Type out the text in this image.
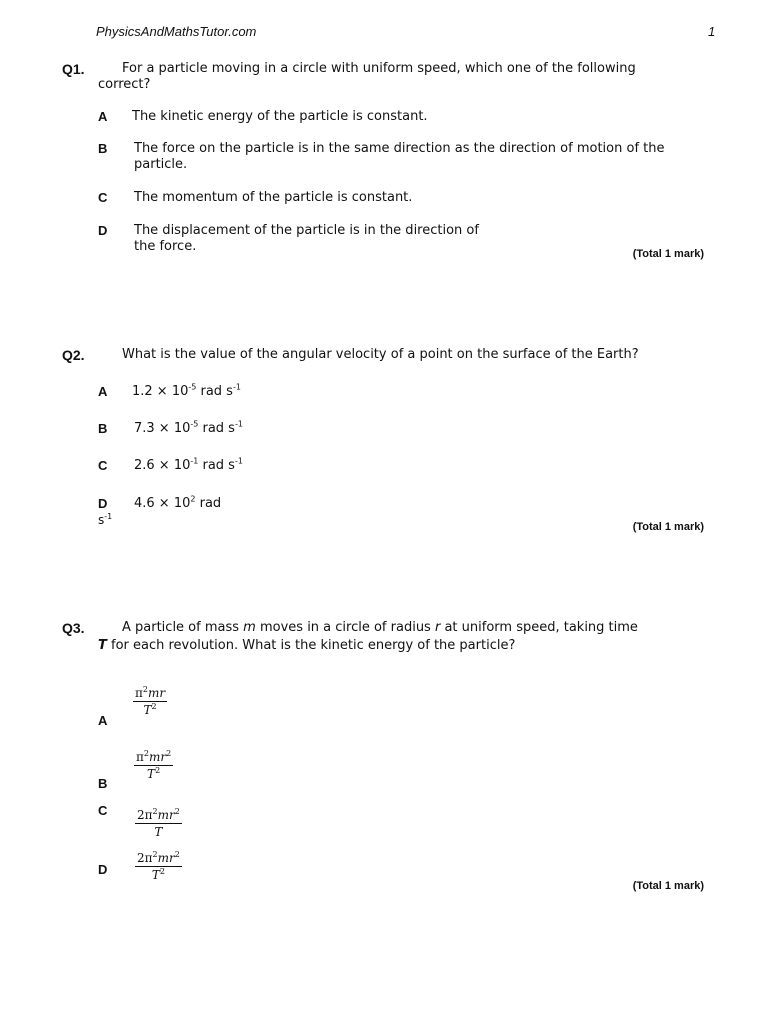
PhysicsAndMathsTutor.com	1
Q1.	For a particle moving in a circle with uniform speed, which one of the following
correct?
A The kinetic energy of the particle is constant.
B The force on the particle is in the same direction as the direction of motion of the
particle.
C The momentum of the particle is constant.
D The displacement of the particle is in the direction of
the force.	(Total 1 mark)
Q2.	What is the value of the angular velocity of a point on the surface of the Earth?
A $1.2 \times 10^{-5}$ rad $s^{-1}$
B $7.3 \times 10^{-5}$ rad $s^{-1}$
C $2.6 \times 10^{-1}$ rad $s^{-1}$
D $4.6 \times 10^2$ rad
$s^{-1}$
(Total 1 mark)
Q3.	A particle of mass m moves in a circle of radius r at uniform speed, taking time
T for each revolution. What is the kinetic energy of the particle?
A
$\frac{\pi^2mr}{T^2}$
B
$\frac{\pi^2mr^2}{T^2}$
C $\frac{2\pi^2mr^2}{T}$
D $\frac{2\pi^2mr^2}{T^2}$
(Total 1 mark)
